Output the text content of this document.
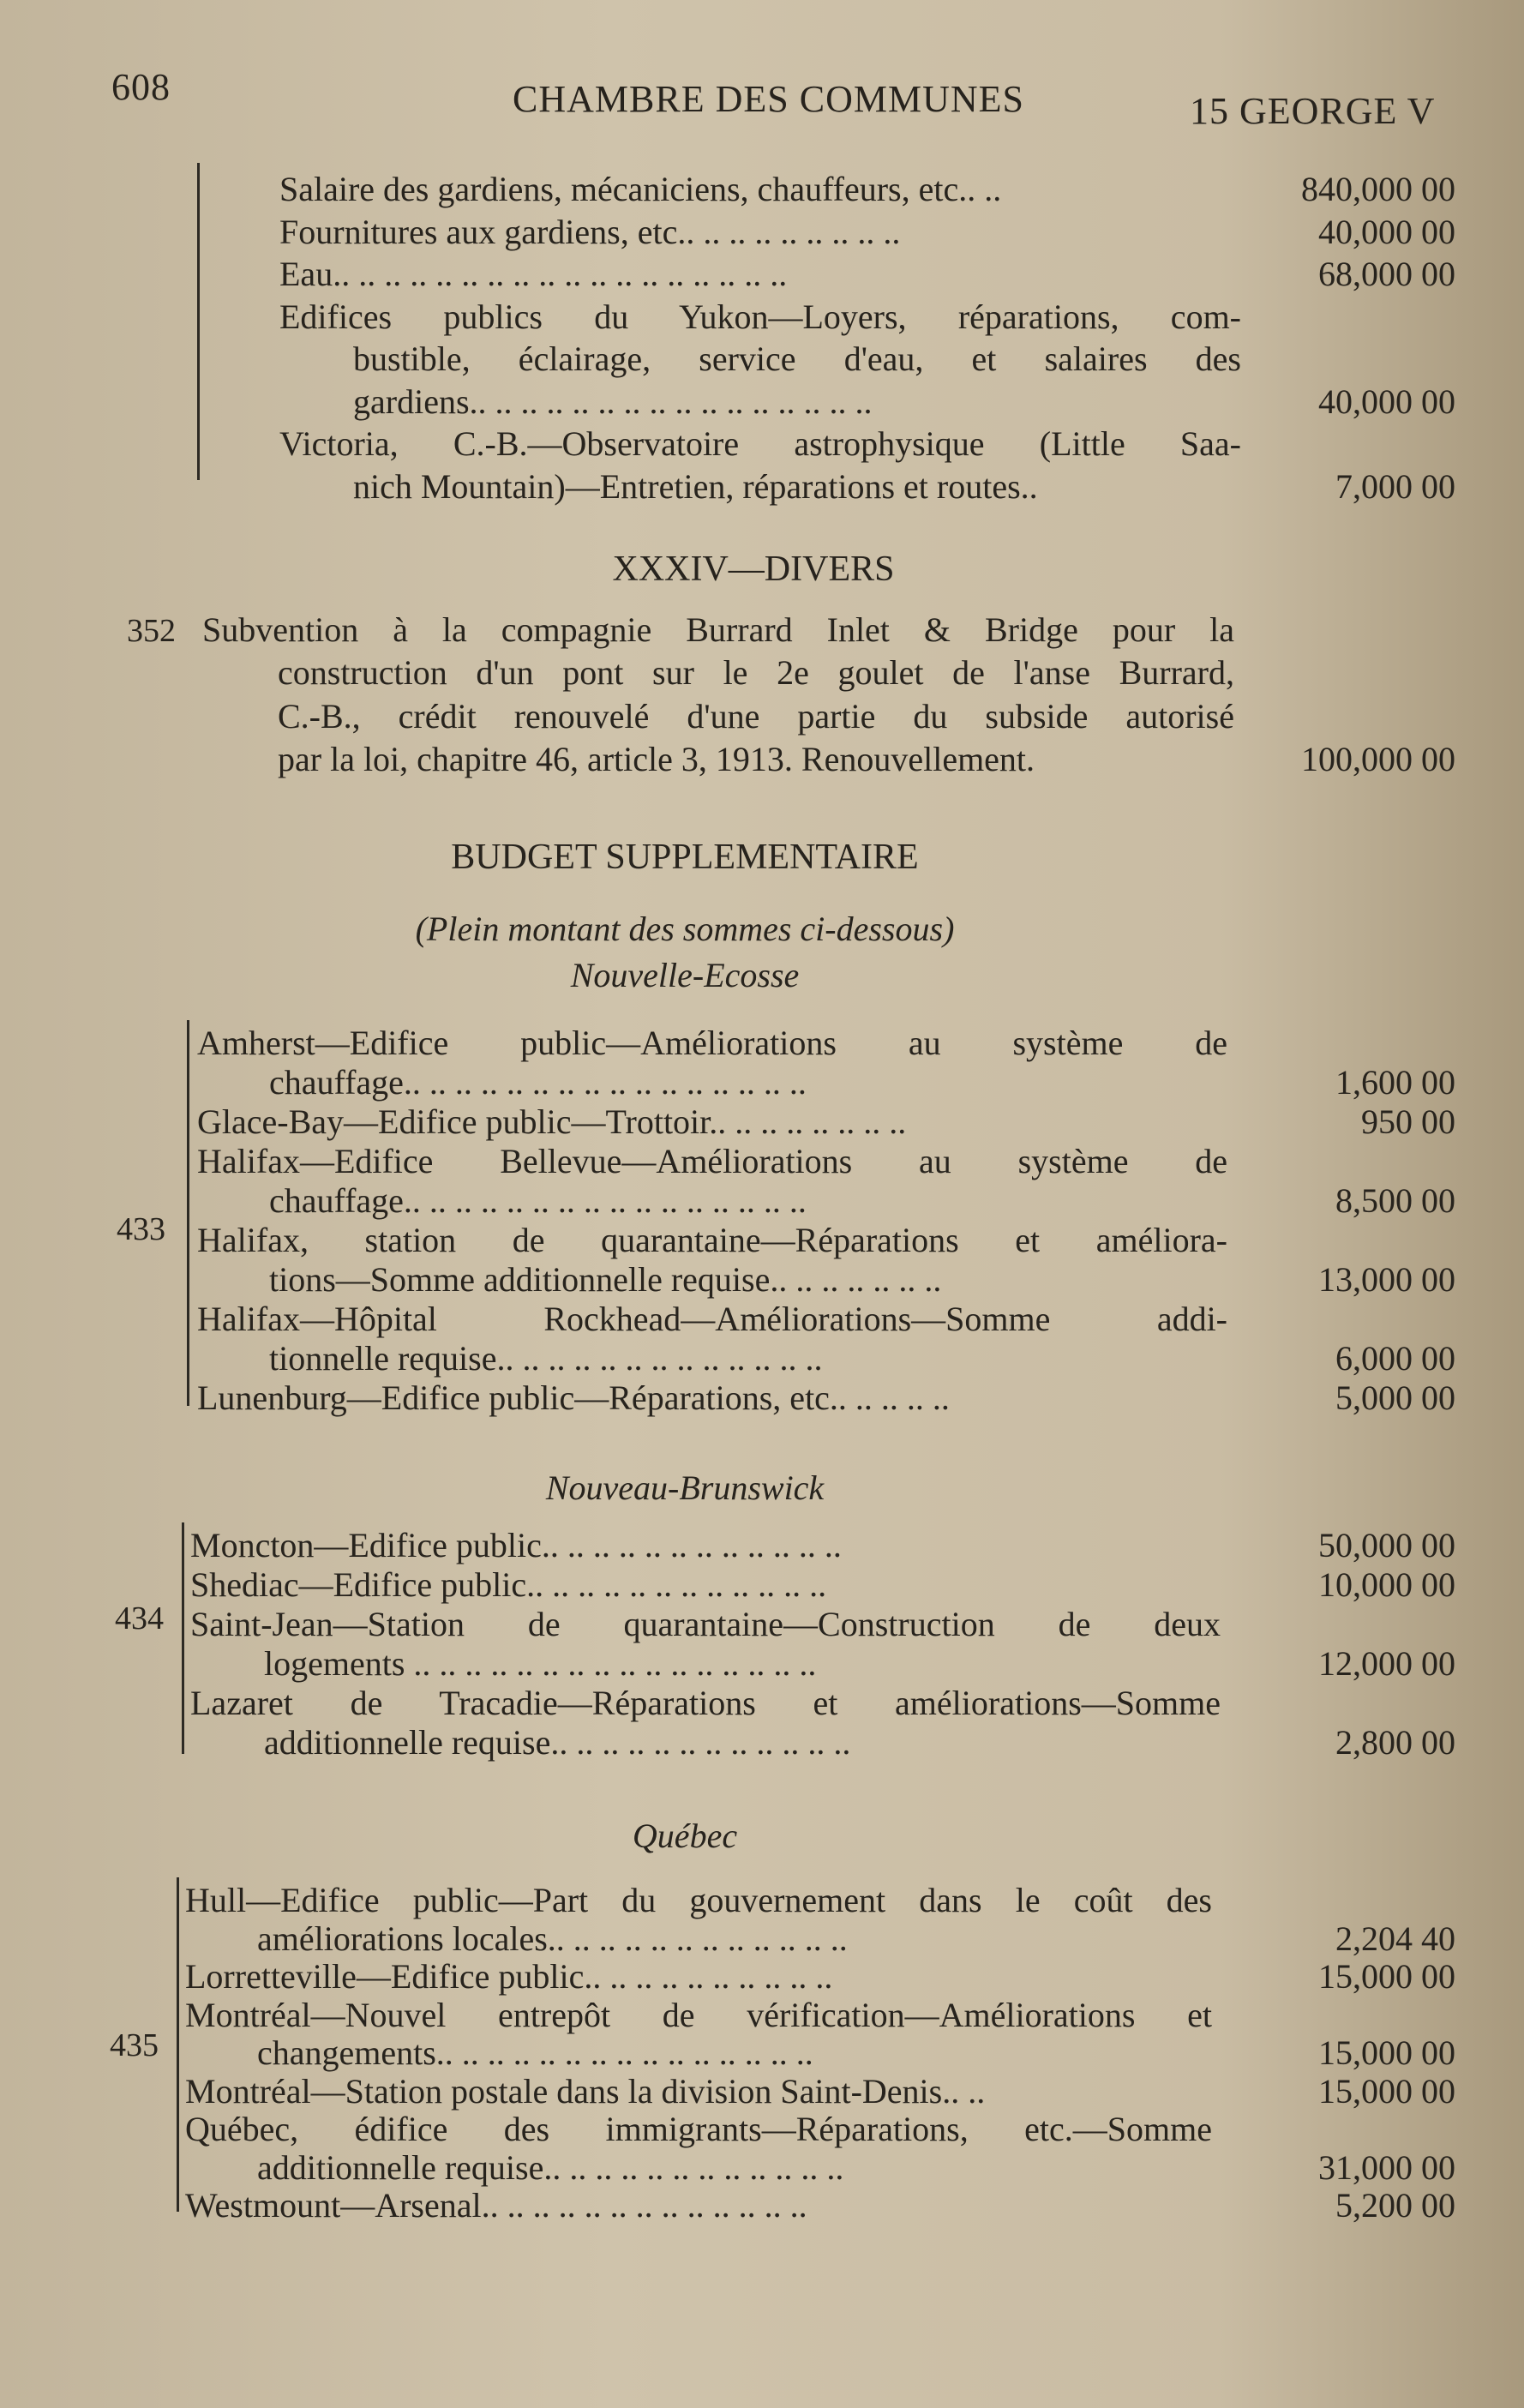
608	CHAMBRE DES COMMUNES	15 GEORGE V
Salaire des gardiens, mécaniciens, chauffeurs, etc.. ..	840,000 00
Fournitures aux gardiens, etc.. .. .. .. .. .. .. .. ..	40,000 00
Eau.. .. .. .. .. .. .. .. .. .. .. .. .. .. .. .. .. ..	68,000 00
Edifices publics du Yukon—Loyers, réparations, com-
bustible, éclairage, service d'eau, et salaires des
gardiens.. .. .. .. .. .. .. .. .. .. .. .. .. .. .. ..	40,000 00
Victoria, C.-B.—Observatoire astrophysique (Little Saa-
nich Mountain)—Entretien, réparations et routes..	7,000 00
XXXIV—DIVERS
352 Subvention à la compagnie Burrard Inlet & Bridge pour la
construction d'un pont sur le 2e goulet de l'anse Burrard,
C.-B., crédit renouvelé d'une partie du subside autorisé
par la loi, chapitre 46, article 3, 1913. Renouvellement.	100,000 00
BUDGET SUPPLEMENTAIRE
(Plein montant des sommes ci-dessous)
Nouvelle-Ecosse
433
Amherst—Edifice public—Améliorations au système de
chauffage.. .. .. .. .. .. .. .. .. .. .. .. .. .. .. ..	1,600 00
Glace-Bay—Edifice public—Trottoir.. .. .. .. .. .. .. ..	950 00
Halifax—Edifice Bellevue—Améliorations au système de
chauffage.. .. .. .. .. .. .. .. .. .. .. .. .. .. .. ..	8,500 00
Halifax, station de quarantaine—Réparations et améliora-
tions—Somme additionnelle requise.. .. .. .. .. .. ..	13,000 00
Halifax—Hôpital Rockhead—Améliorations—Somme addi-
tionnelle requise.. .. .. .. .. .. .. .. .. .. .. .. ..	6,000 00
Lunenburg—Edifice public—Réparations, etc.. .. .. .. ..	5,000 00
Nouveau-Brunswick
434
Moncton—Edifice public.. .. .. .. .. .. .. .. .. .. .. ..	50,000 00
Shediac—Edifice public.. .. .. .. .. .. .. .. .. .. .. ..	10,000 00
Saint-Jean—Station de quarantaine—Construction de deux
logements .. .. .. .. .. .. .. .. .. .. .. .. .. .. .. ..	12,000 00
Lazaret de Tracadie—Réparations et améliorations—Somme
additionnelle requise.. .. .. .. .. .. .. .. .. .. .. ..	2,800 00
Québec
435
Hull—Edifice public—Part du gouvernement dans le coût des
améliorations locales.. .. .. .. .. .. .. .. .. .. .. ..	2,204 40
Lorretteville—Edifice public.. .. .. .. .. .. .. .. .. ..	15,000 00
Montréal—Nouvel entrepôt de vérification—Améliorations et
changements.. .. .. .. .. .. .. .. .. .. .. .. .. .. ..	15,000 00
Montréal—Station postale dans la division Saint-Denis.. ..	15,000 00
Québec, édifice des immigrants—Réparations, etc.—Somme
additionnelle requise.. .. .. .. .. .. .. .. .. .. .. ..	31,000 00
Westmount—Arsenal.. .. .. .. .. .. .. .. .. .. .. .. ..	5,200 00
